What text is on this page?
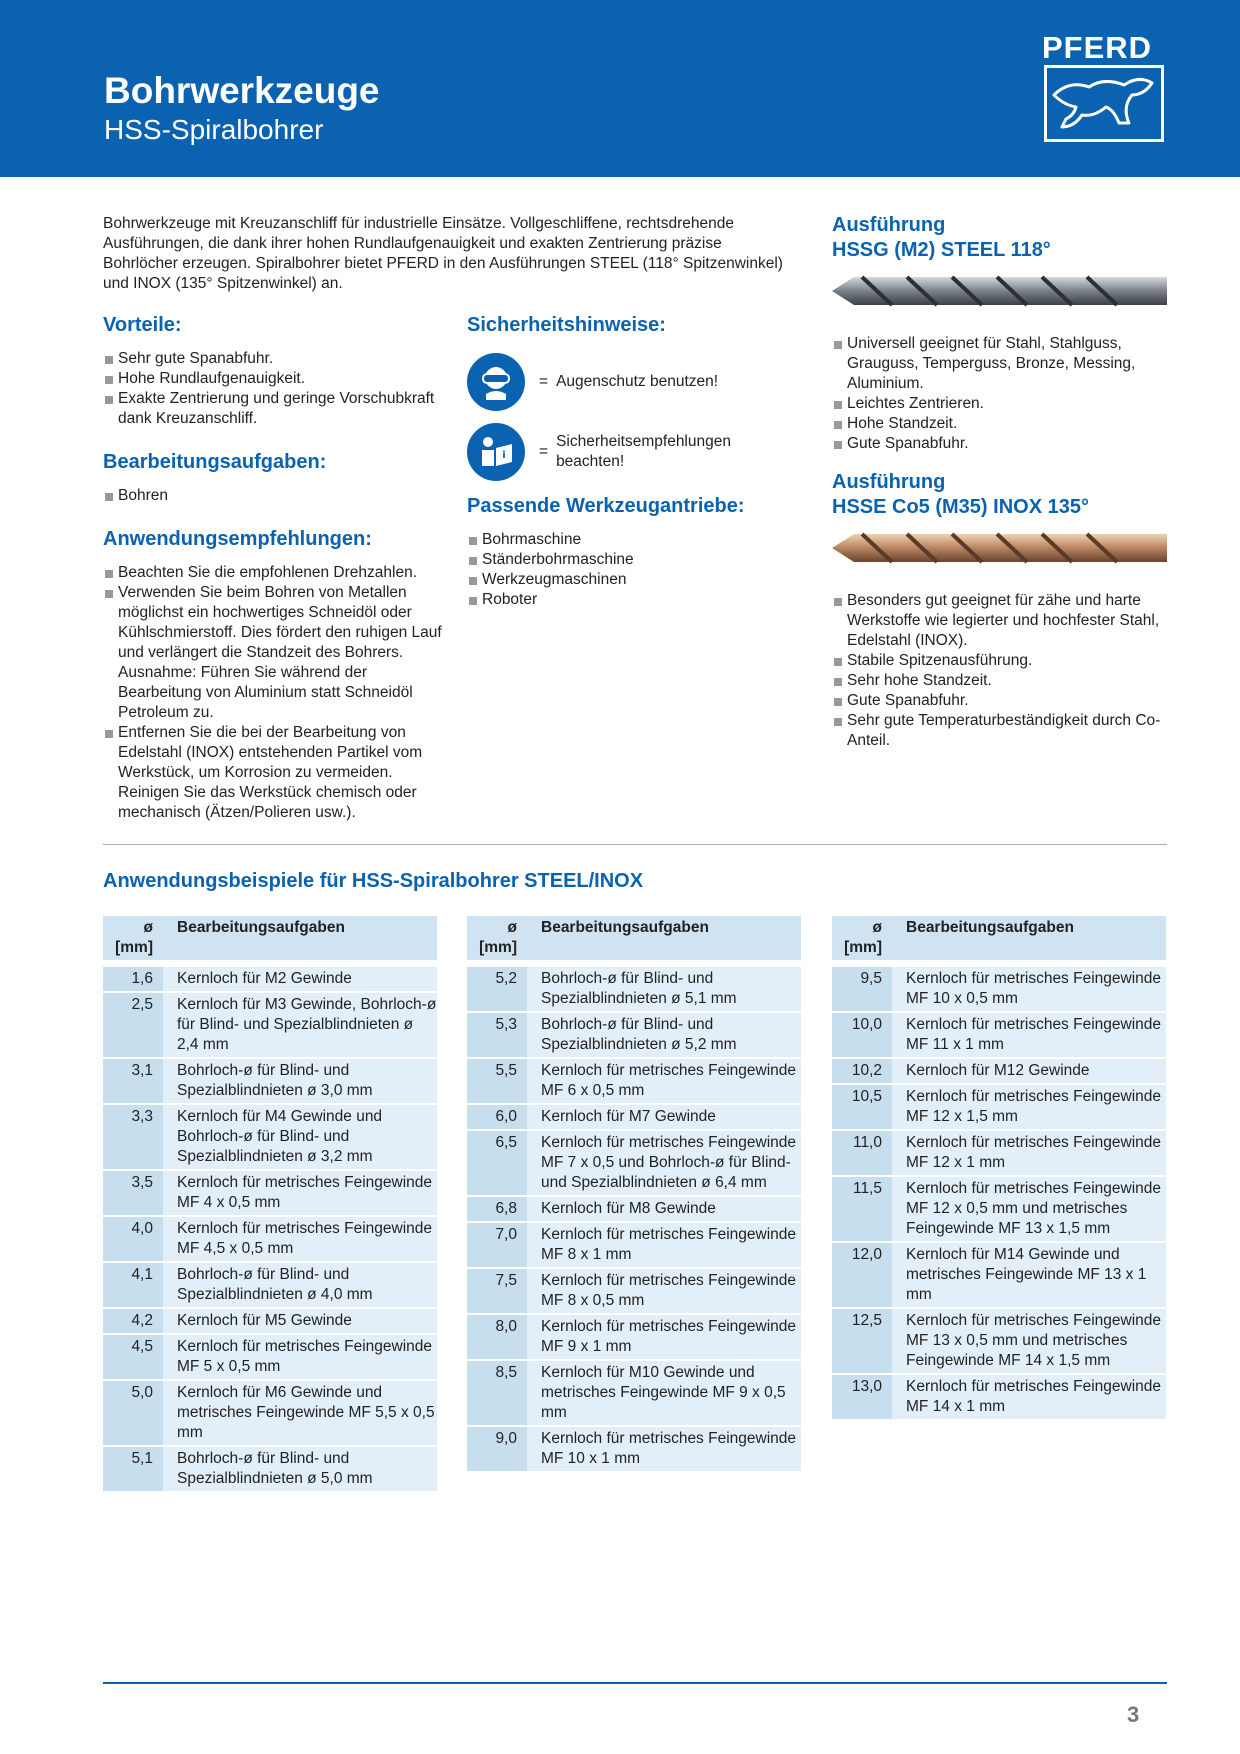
Bohrwerkzeuge
HSS-Spiralbohrer
PFERD
Bohrwerkzeuge mit Kreuzanschliff für industrielle Einsätze. Vollgeschliffene, rechtsdrehende Ausführungen, die dank ihrer hohen Rundlaufgenauigkeit und exakten Zentrierung präzise Bohrlöcher erzeugen. Spiralbohrer bietet PFERD in den Ausführungen STEEL (118° Spitzenwinkel) und INOX (135° Spitzenwinkel) an.
Vorteile:
Sehr gute Spanabfuhr.
Hohe Rundlaufgenauigkeit.
Exakte Zentrierung und geringe Vorschubkraft dank Kreuzanschliff.
Bearbeitungsaufgaben:
Bohren
Anwendungsempfehlungen:
Beachten Sie die empfohlenen Drehzahlen.
Verwenden Sie beim Bohren von Metallen möglichst ein hochwertiges Schneidöl oder Kühlschmierstoff. Dies fördert den ruhigen Lauf und verlängert die Standzeit des Bohrers. Ausnahme: Führen Sie während der Bearbeitung von Aluminium statt Schneidöl Petroleum zu.
Entfernen Sie die bei der Bearbeitung von Edelstahl (INOX) entstehenden Partikel vom Werkstück, um Korrosion zu vermeiden. Reinigen Sie das Werkstück chemisch oder mechanisch (Ätzen/Polieren usw.).
Sicherheitshinweise:
= Augenschutz benutzen!
i =
Sicherheitsempfehlungen beachten!
Passende Werkzeugantriebe:
Bohrmaschine
Ständerbohrmaschine
Werkzeugmaschinen
Roboter
Ausführung
HSSG (M2) STEEL 118°
Universell geeignet für Stahl, Stahlguss, Grauguss, Temperguss, Bronze, Messing, Aluminium.
Leichtes Zentrieren.
Hohe Standzeit.
Gute Spanabfuhr.
Ausführung
HSSE Co5 (M35) INOX 135°
Besonders gut geeignet für zähe und harte Werkstoffe wie legierter und hochfester Stahl, Edelstahl (INOX).
Stabile Spitzenausführung.
Sehr hohe Standzeit.
Gute Spanabfuhr.
Sehr gute Temperaturbeständigkeit durch Co-Anteil.
Anwendungsbeispiele für HSS-Spiralbohrer STEEL/INOX
ø
[mm]
Bearbeitungsaufgaben
1,6	Kernloch für M2 Gewinde
2,5	Kernloch für M3 Gewinde, Bohrloch-ø für Blind- und Spezialblindnieten ø 2,4 mm
3,1	Bohrloch-ø für Blind- und Spezialblindnieten ø 3,0 mm
3,3	Kernloch für M4 Gewinde und Bohrloch-ø für Blind- und Spezialblindnieten ø 3,2 mm
3,5	Kernloch für metrisches Feingewinde MF 4 x 0,5 mm
4,0	Kernloch für metrisches Feingewinde MF 4,5 x 0,5 mm
4,1	Bohrloch-ø für Blind- und Spezialblindnieten ø 4,0 mm
4,2	Kernloch für M5 Gewinde
4,5	Kernloch für metrisches Feingewinde MF 5 x 0,5 mm
5,0	Kernloch für M6 Gewinde und metrisches Feingewinde MF 5,5 x 0,5 mm
5,1	Bohrloch-ø für Blind- und Spezialblindnieten ø 5,0 mm
ø
[mm]
Bearbeitungsaufgaben
5,2	Bohrloch-ø für Blind- und Spezialblindnieten ø 5,1 mm
5,3	Bohrloch-ø für Blind- und Spezialblindnieten ø 5,2 mm
5,5	Kernloch für metrisches Feingewinde MF 6 x 0,5 mm
6,0	Kernloch für M7 Gewinde
6,5	Kernloch für metrisches Feingewinde MF 7 x 0,5 und Bohrloch-ø für Blind- und Spezialblindnieten ø 6,4 mm
6,8	Kernloch für M8 Gewinde
7,0	Kernloch für metrisches Feingewinde MF 8 x 1 mm
7,5	Kernloch für metrisches Feingewinde MF 8 x 0,5 mm
8,0	Kernloch für metrisches Feingewinde MF 9 x 1 mm
8,5	Kernloch für M10 Gewinde und metrisches Feingewinde MF 9 x 0,5 mm
9,0	Kernloch für metrisches Feingewinde MF 10 x 1 mm
ø
[mm]
Bearbeitungsaufgaben
9,5	Kernloch für metrisches Feingewinde MF 10 x 0,5 mm
10,0	Kernloch für metrisches Feingewinde MF 11 x 1 mm
10,2	Kernloch für M12 Gewinde
10,5	Kernloch für metrisches Feingewinde MF 12 x 1,5 mm
11,0	Kernloch für metrisches Feingewinde MF 12 x 1 mm
11,5	Kernloch für metrisches Feingewinde MF 12 x 0,5 mm und metrisches Feingewinde MF 13 x 1,5 mm
12,0	Kernloch für M14 Gewinde und metrisches Feingewinde MF 13 x 1 mm
12,5	Kernloch für metrisches Feingewinde MF 13 x 0,5 mm und metrisches Feingewinde MF 14 x 1,5 mm
13,0	Kernloch für metrisches Feingewinde MF 14 x 1 mm
3
